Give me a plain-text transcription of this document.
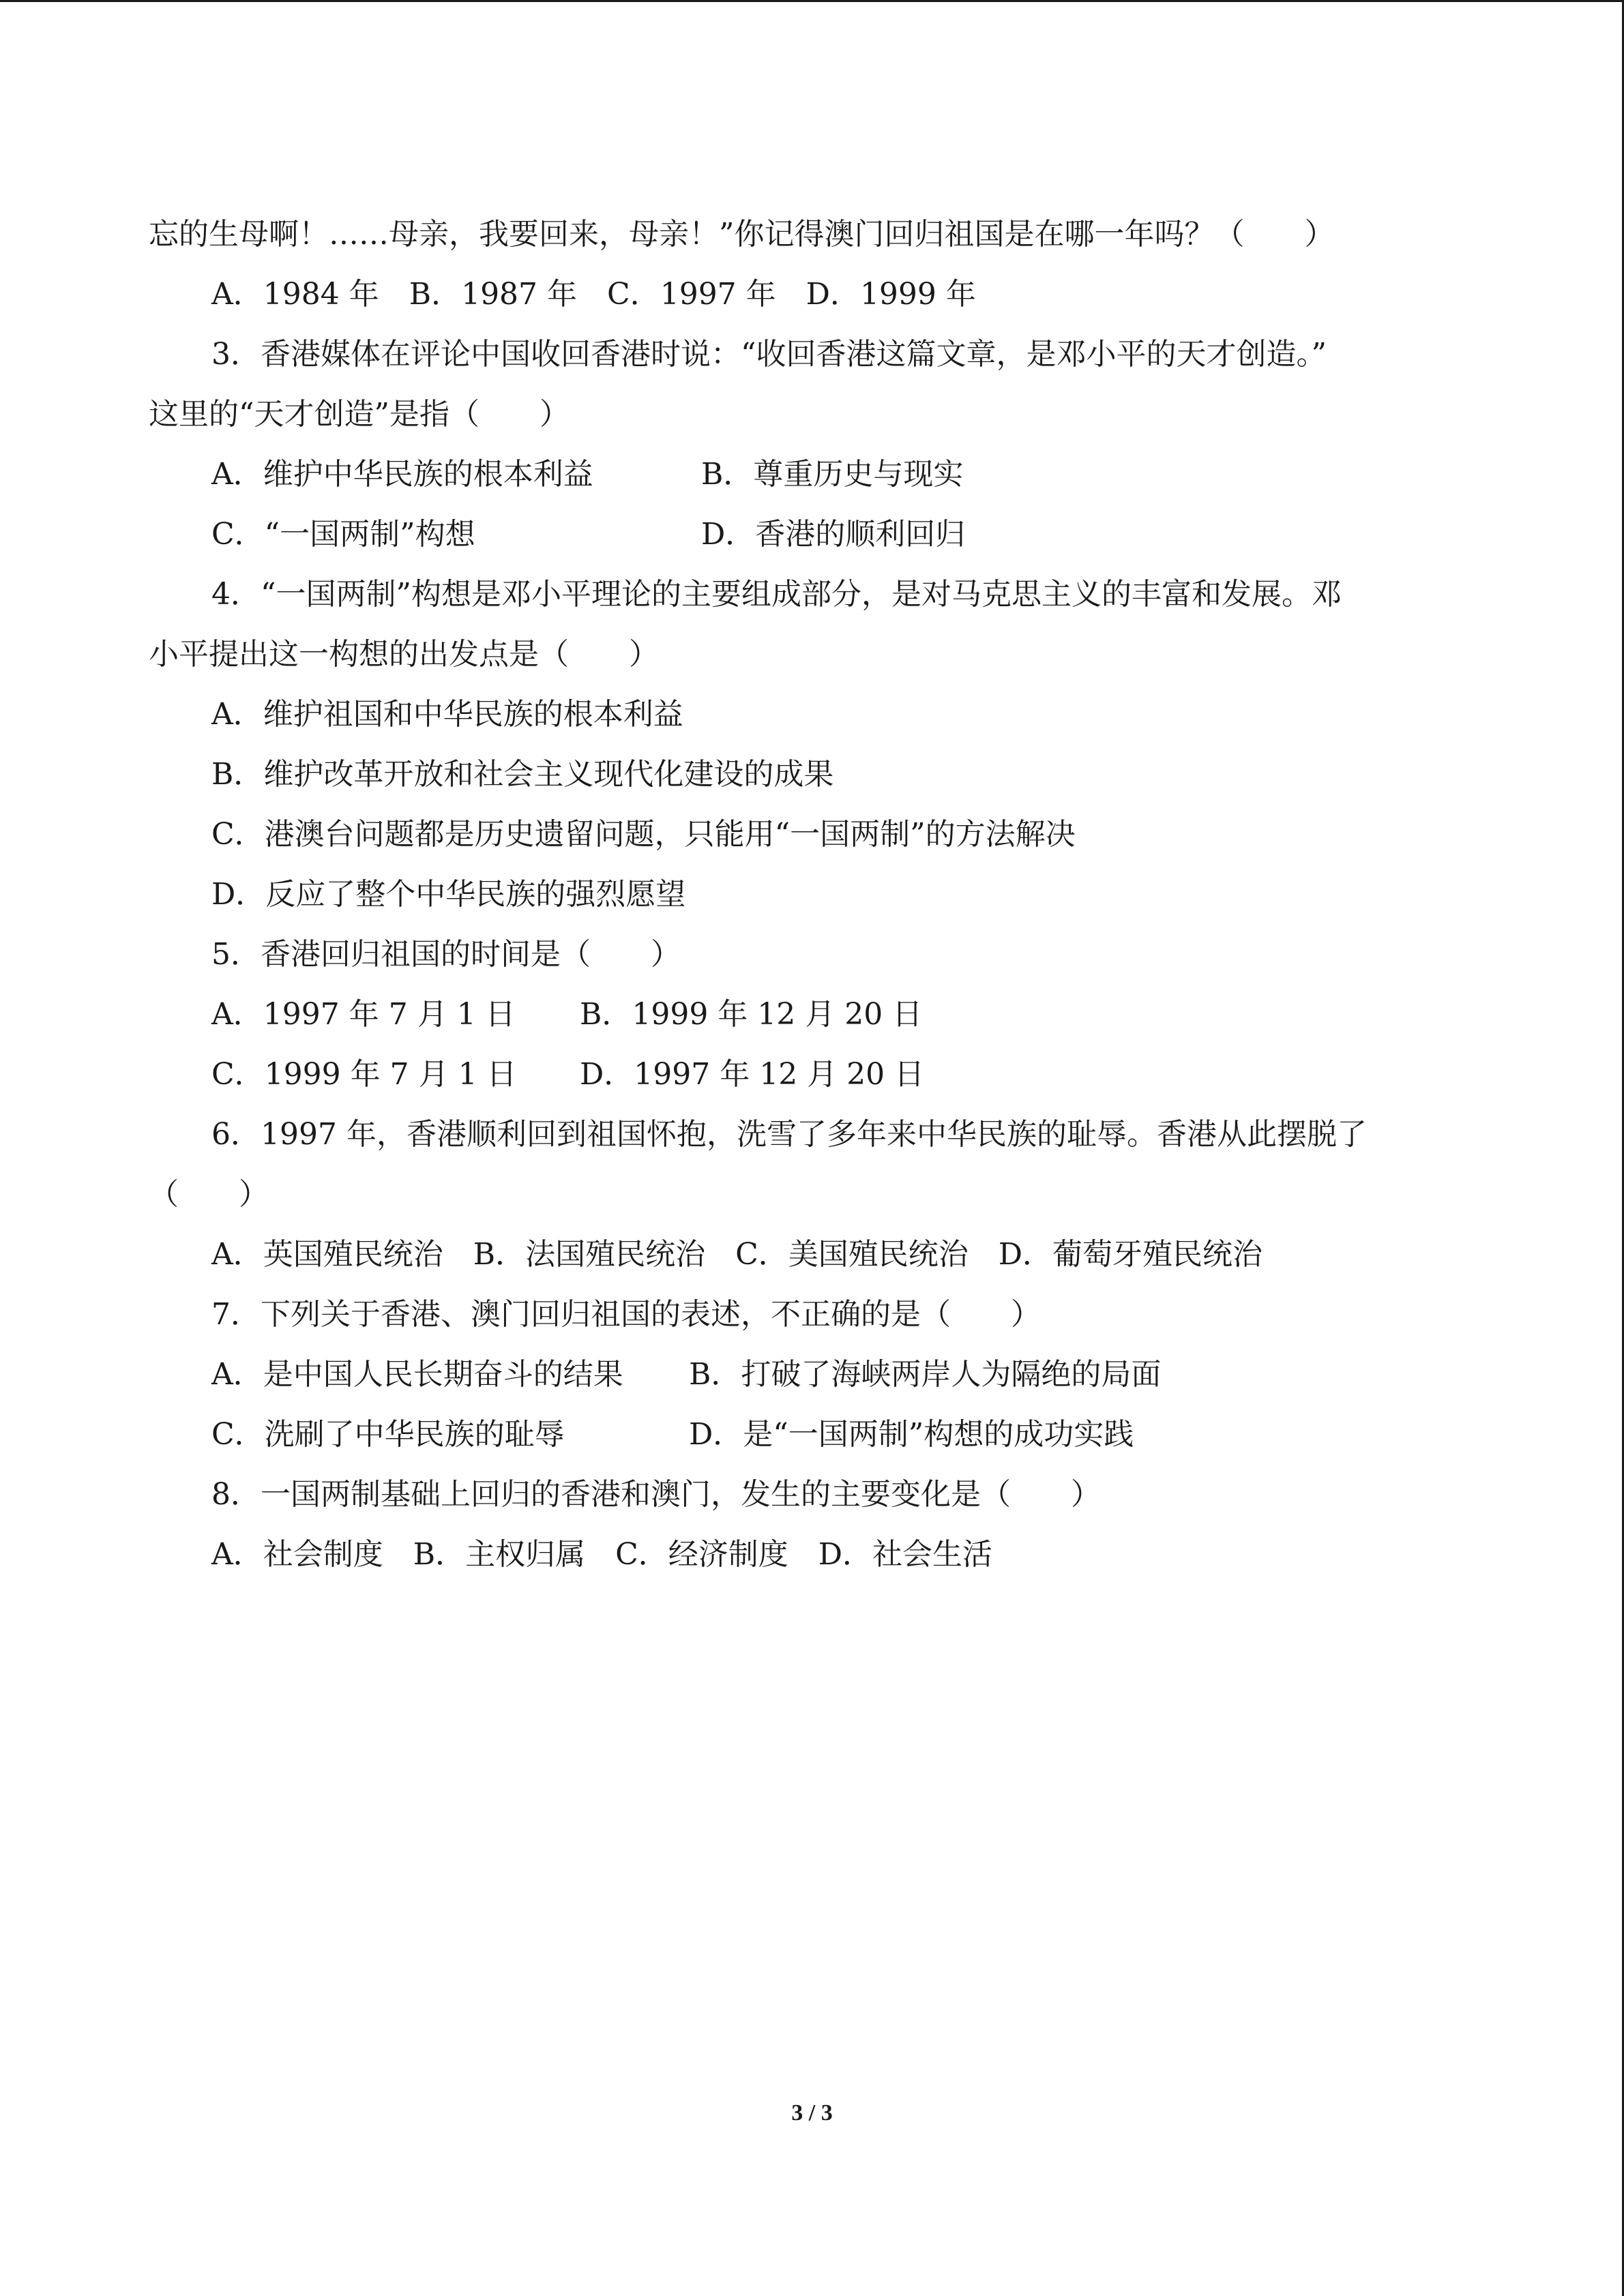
忘的生母啊！……母亲，我要回来，母亲！”你记得澳门回归祖国是在哪一年吗？（　　）
A．1984 年　B．1987 年　C．1997 年　D．1999 年
3．香港媒体在评论中国收回香港时说：“收回香港这篇文章，是邓小平的天才创造。”
这里的“天才创造”是指（　　）
A．维护中华民族的根本利益	B．尊重历史与现实
C．“一国两制”构想	D．香港的顺利回归
4．“一国两制”构想是邓小平理论的主要组成部分，是对马克思主义的丰富和发展。邓
小平提出这一构想的出发点是（　　）
A．维护祖国和中华民族的根本利益
B．维护改革开放和社会主义现代化建设的成果
C．港澳台问题都是历史遗留问题，只能用“一国两制”的方法解决
D．反应了整个中华民族的强烈愿望
5．香港回归祖国的时间是（　　）
A．1997 年 7 月 1 日 B．1999 年 12 月 20 日
C．1999 年 7 月 1 日 D．1997 年 12 月 20 日
6．1997 年，香港顺利回到祖国怀抱，洗雪了多年来中华民族的耻辱。香港从此摆脱了
（　　）
A．英国殖民统治　B．法国殖民统治　C．美国殖民统治　D．葡萄牙殖民统治
7．下列关于香港、澳门回归祖国的表述，不正确的是（　　）
A．是中国人民长期奋斗的结果 B．打破了海峡两岸人为隔绝的局面
C．洗刷了中华民族的耻辱	D．是“一国两制”构想的成功实践
8．一国两制基础上回归的香港和澳门，发生的主要变化是（　　）
A．社会制度　B．主权归属　C．经济制度　D．社会生活
3 / 3
